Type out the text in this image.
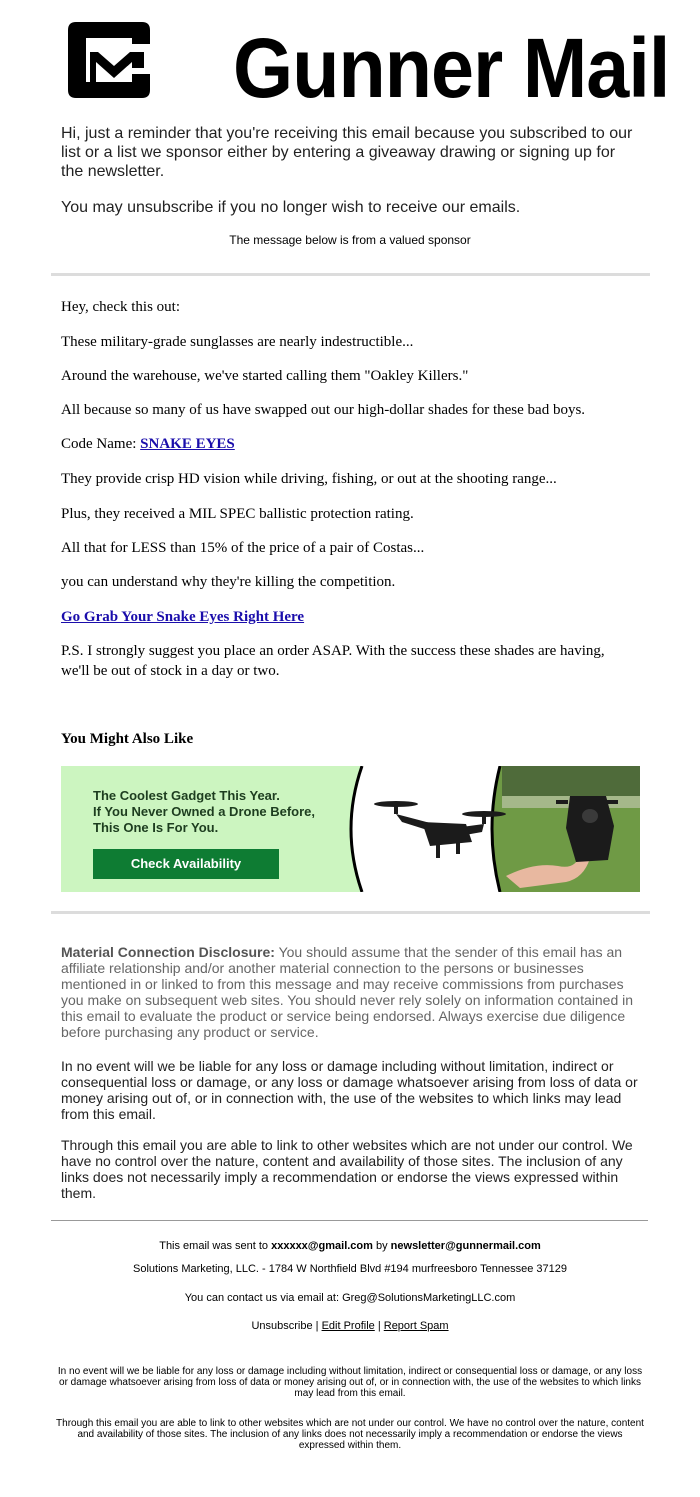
Gunner Mail
Hi, just a reminder that you're receiving this email because you subscribed to our list or a list we sponsor either by entering a giveaway drawing or signing up for the newsletter.
You may unsubscribe if you no longer wish to receive our emails.
The message below is from a valued sponsor
Hey, check this out:
These military-grade sunglasses are nearly indestructible...
Around the warehouse, we've started calling them "Oakley Killers."
All because so many of us have swapped out our high-dollar shades for these bad boys.
Code Name: SNAKE EYES
They provide crisp HD vision while driving, fishing, or out at the shooting range...
Plus, they received a MIL SPEC ballistic protection rating.
All that for LESS than 15% of the price of a pair of Costas...
you can understand why they're killing the competition.
Go Grab Your Snake Eyes Right Here
P.S. I strongly suggest you place an order ASAP. With the success these shades are having, we'll be out of stock in a day or two.
You Might Also Like
The Coolest Gadget This Year.
If You Never Owned a Drone Before,
This One Is For You.
Check Availability
Material Connection Disclosure: You should assume that the sender of this email has an affiliate relationship and/or another material connection to the persons or businesses mentioned in or linked to from this message and may receive commissions from purchases you make on subsequent web sites. You should never rely solely on information contained in this email to evaluate the product or service being endorsed. Always exercise due diligence before purchasing any product or service.
In no event will we be liable for any loss or damage including without limitation, indirect or consequential loss or damage, or any loss or damage whatsoever arising from loss of data or money arising out of, or in connection with, the use of the websites to which links may lead from this email.
Through this email you are able to link to other websites which are not under our control. We have no control over the nature, content and availability of those sites. The inclusion of any links does not necessarily imply a recommendation or endorse the views expressed within them.
This email was sent to xxxxxx@gmail.com by newsletter@gunnermail.com
Solutions Marketing, LLC. - 1784 W Northfield Blvd #194 murfreesboro Tennessee 37129
You can contact us via email at: Greg@SolutionsMarketingLLC.com
Unsubscribe | Edit Profile | Report Spam
In no event will we be liable for any loss or damage including without limitation, indirect or consequential loss or damage, or any loss or damage whatsoever arising from loss of data or money arising out of, or in connection with, the use of the websites to which links may lead from this email.
Through this email you are able to link to other websites which are not under our control. We have no control over the nature, content and availability of those sites. The inclusion of any links does not necessarily imply a recommendation or endorse the views expressed within them.
